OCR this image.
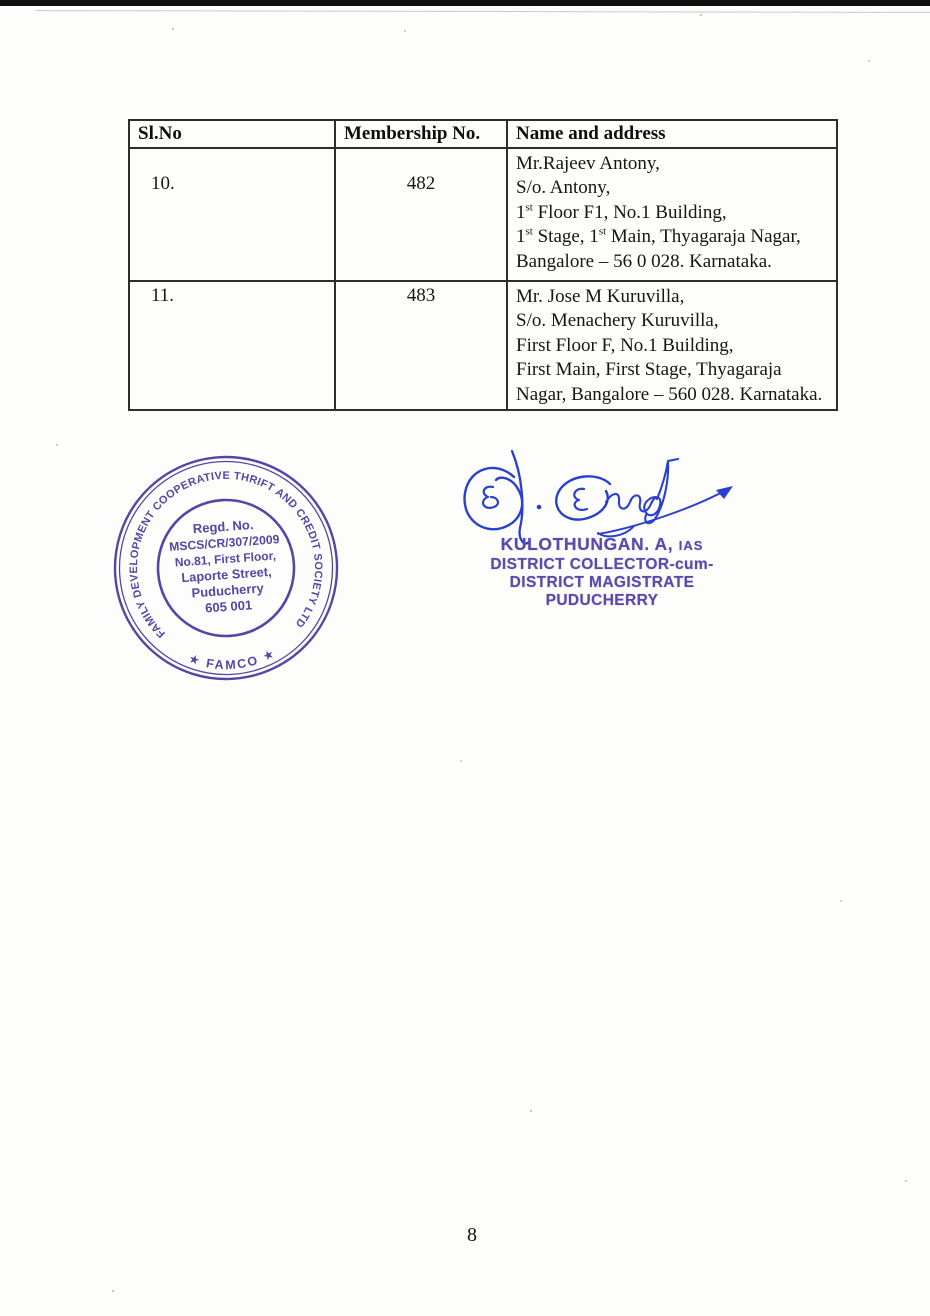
Sl.No	Membership No.	Name and address
10.	482	Mr.Rajeev Antony,
S/o. Antony,
1st Floor F1, No.1 Building,
1st Stage, 1st Main, Thyagaraja Nagar,
Bangalore – 56 0 028. Karnataka.

11.	483	Mr. Jose M Kuruvilla,
S/o. Menachery Kuruvilla,
First Floor F, No.1 Building,
First Main, First Stage, Thyagaraja
Nagar, Bangalore – 560 028. Karnataka.
FAMILY DEVELOPMENT COOPERATIVE THRIFT AND CREDIT SOCIETY LTD
★ FAMCO ★
Regd. No.
MSCS/CR/307/2009
No.81, First Floor,
Laporte Street,
Puducherry
605 001
KULOTHUNGAN. A, IAS
DISTRICT COLLECTOR-cum-
DISTRICT MAGISTRATE
PUDUCHERRY
8
